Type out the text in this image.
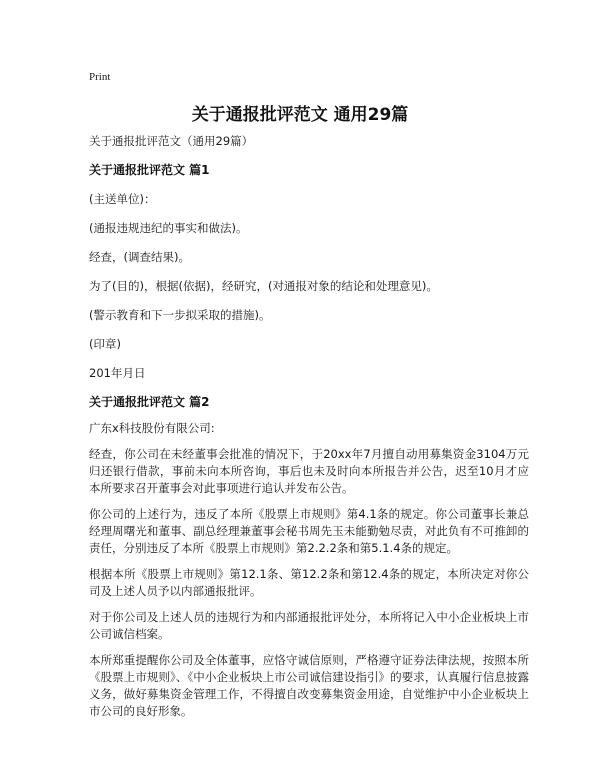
Print
关于通报批评范文 通用29篇

关于通报批评范文（通用29篇）

关于通报批评范文 篇1

(主送单位)：

(通报违规违纪的事实和做法)。

经查，(调查结果)。

为了(目的)，根据(依据)，经研究，(对通报对象的结论和处理意见)。

(警示教育和下一步拟采取的措施)。

(印章)

201年月日

关于通报批评范文 篇2

广东x科技股份有限公司:

经查，你公司在未经董事会批准的情况下，于20xx年7月擅自动用募集资金3104万元归还银行借款，事前未向本所咨询，事后也未及时向本所报告并公告，迟至10月才应本所要求召开董事会对此事项进行追认并发布公告。

你公司的上述行为，违反了本所《股票上市规则》第4.1条的规定。你公司董事长兼总经理周曙光和董事、副总经理兼董事会秘书周先玉未能勤勉尽责，对此负有不可推卸的责任，分别违反了本所《股票上市规则》第2.2.2条和第5.1.4条的规定。

根据本所《股票上市规则》第12.1条、第12.2条和第12.4条的规定，本所决定对你公司及上述人员予以内部通报批评。

对于你公司及上述人员的违规行为和内部通报批评处分，本所将记入中小企业板块上市公司诚信档案。

本所郑重提醒你公司及全体董事，应恪守诚信原则，严格遵守证券法律法规，按照本所《股票上市规则》、《中小企业板块上市公司诚信建设指引》的要求，认真履行信息披露义务，做好募集资金管理工作，不得擅自改变募集资金用途，自觉维护中小企业板块上市公司的良好形象。
